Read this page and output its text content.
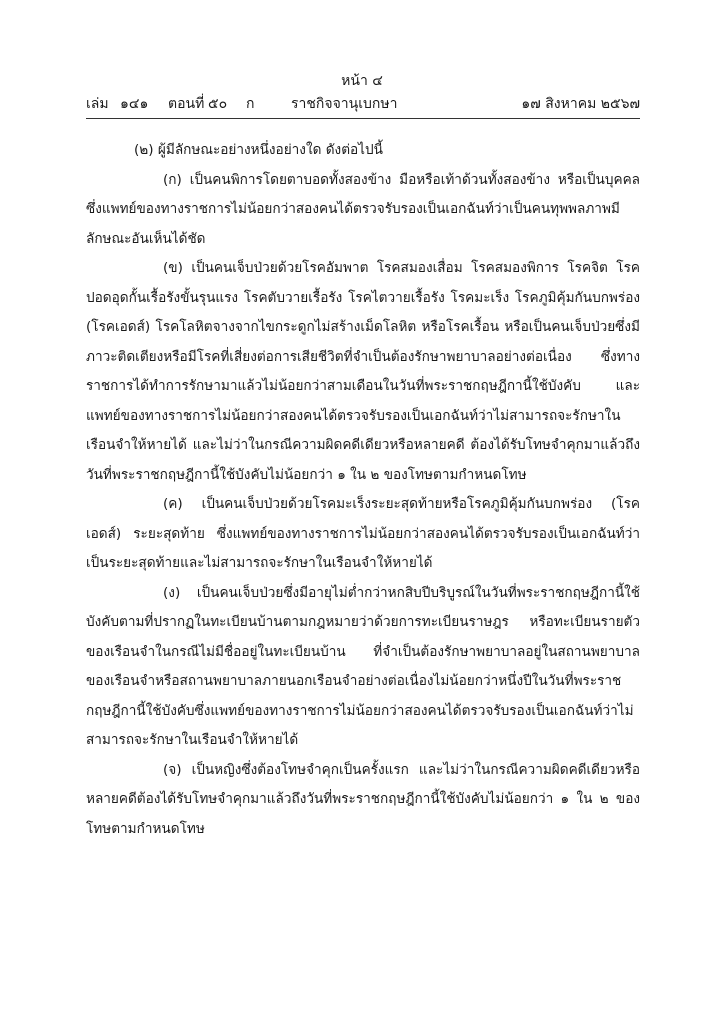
หน้า ๔
เล่ม ๑๔๑ ตอนที่ ๕๐ ก	ราชกิจจานุเบกษา	๑๗ สิงหาคม ๒๕๖๗

(๒) ผู้มีลักษณะอย่างหนึ่งอย่างใด ดังต่อไปนี้

(ก) เป็นคนพิการโดยตาบอดทั้งสองข้าง มือหรือเท้าด้วนทั้งสองข้าง หรือเป็นบุคคลซึ่งแพทย์ของทางราชการไม่น้อยกว่าสองคนได้ตรวจรับรองเป็นเอกฉันท์ว่าเป็นคนทุพพลภาพมีลักษณะอันเห็นได้ชัด

(ข) เป็นคนเจ็บป่วยด้วยโรคอัมพาต โรคสมองเสื่อม โรคสมองพิการ โรคจิต โรคปอดอุดกั้นเรื้อรังขั้นรุนแรง โรคตับวายเรื้อรัง โรคไตวายเรื้อรัง โรคมะเร็ง โรคภูมิคุ้มกันบกพร่อง (โรคเอดส์) โรคโลหิตจางจากไขกระดูกไม่สร้างเม็ดโลหิต หรือโรคเรื้อน หรือเป็นคนเจ็บป่วยซึ่งมีภาวะติดเตียงหรือมีโรคที่เสี่ยงต่อการเสียชีวิตที่จำเป็นต้องรักษาพยาบาลอย่างต่อเนื่อง ซึ่งทางราชการได้ทำการรักษามาแล้วไม่น้อยกว่าสามเดือนในวันที่พระราชกฤษฎีกานี้ใช้บังคับ และแพทย์ของทางราชการไม่น้อยกว่าสองคนได้ตรวจรับรองเป็นเอกฉันท์ว่าไม่สามารถจะรักษาในเรือนจำให้หายได้ และไม่ว่าในกรณีความผิดคดีเดียวหรือหลายคดี ต้องได้รับโทษจำคุกมาแล้วถึงวันที่พระราชกฤษฎีกานี้ใช้บังคับไม่น้อยกว่า ๑ ใน ๒ ของโทษตามกำหนดโทษ

(ค) เป็นคนเจ็บป่วยด้วยโรคมะเร็งระยะสุดท้ายหรือโรคภูมิคุ้มกันบกพร่อง (โรคเอดส์) ระยะสุดท้าย ซึ่งแพทย์ของทางราชการไม่น้อยกว่าสองคนได้ตรวจรับรองเป็นเอกฉันท์ว่าเป็นระยะสุดท้ายและไม่สามารถจะรักษาในเรือนจำให้หายได้

(ง) เป็นคนเจ็บป่วยซึ่งมีอายุไม่ต่ำกว่าหกสิบปีบริบูรณ์ในวันที่พระราชกฤษฎีกานี้ใช้บังคับตามที่ปรากฏในทะเบียนบ้านตามกฎหมายว่าด้วยการทะเบียนราษฎร หรือทะเบียนรายตัวของเรือนจำในกรณีไม่มีชื่ออยู่ในทะเบียนบ้าน ที่จำเป็นต้องรักษาพยาบาลอยู่ในสถานพยาบาลของเรือนจำหรือสถานพยาบาลภายนอกเรือนจำอย่างต่อเนื่องไม่น้อยกว่าหนึ่งปีในวันที่พระราชกฤษฎีกานี้ใช้บังคับซึ่งแพทย์ของทางราชการไม่น้อยกว่าสองคนได้ตรวจรับรองเป็นเอกฉันท์ว่าไม่สามารถจะรักษาในเรือนจำให้หายได้

(จ) เป็นหญิงซึ่งต้องโทษจำคุกเป็นครั้งแรก และไม่ว่าในกรณีความผิดคดีเดียวหรือหลายคดีต้องได้รับโทษจำคุกมาแล้วถึงวันที่พระราชกฤษฎีกานี้ใช้บังคับไม่น้อยกว่า ๑ ใน ๒ ของโทษตามกำหนดโทษ
